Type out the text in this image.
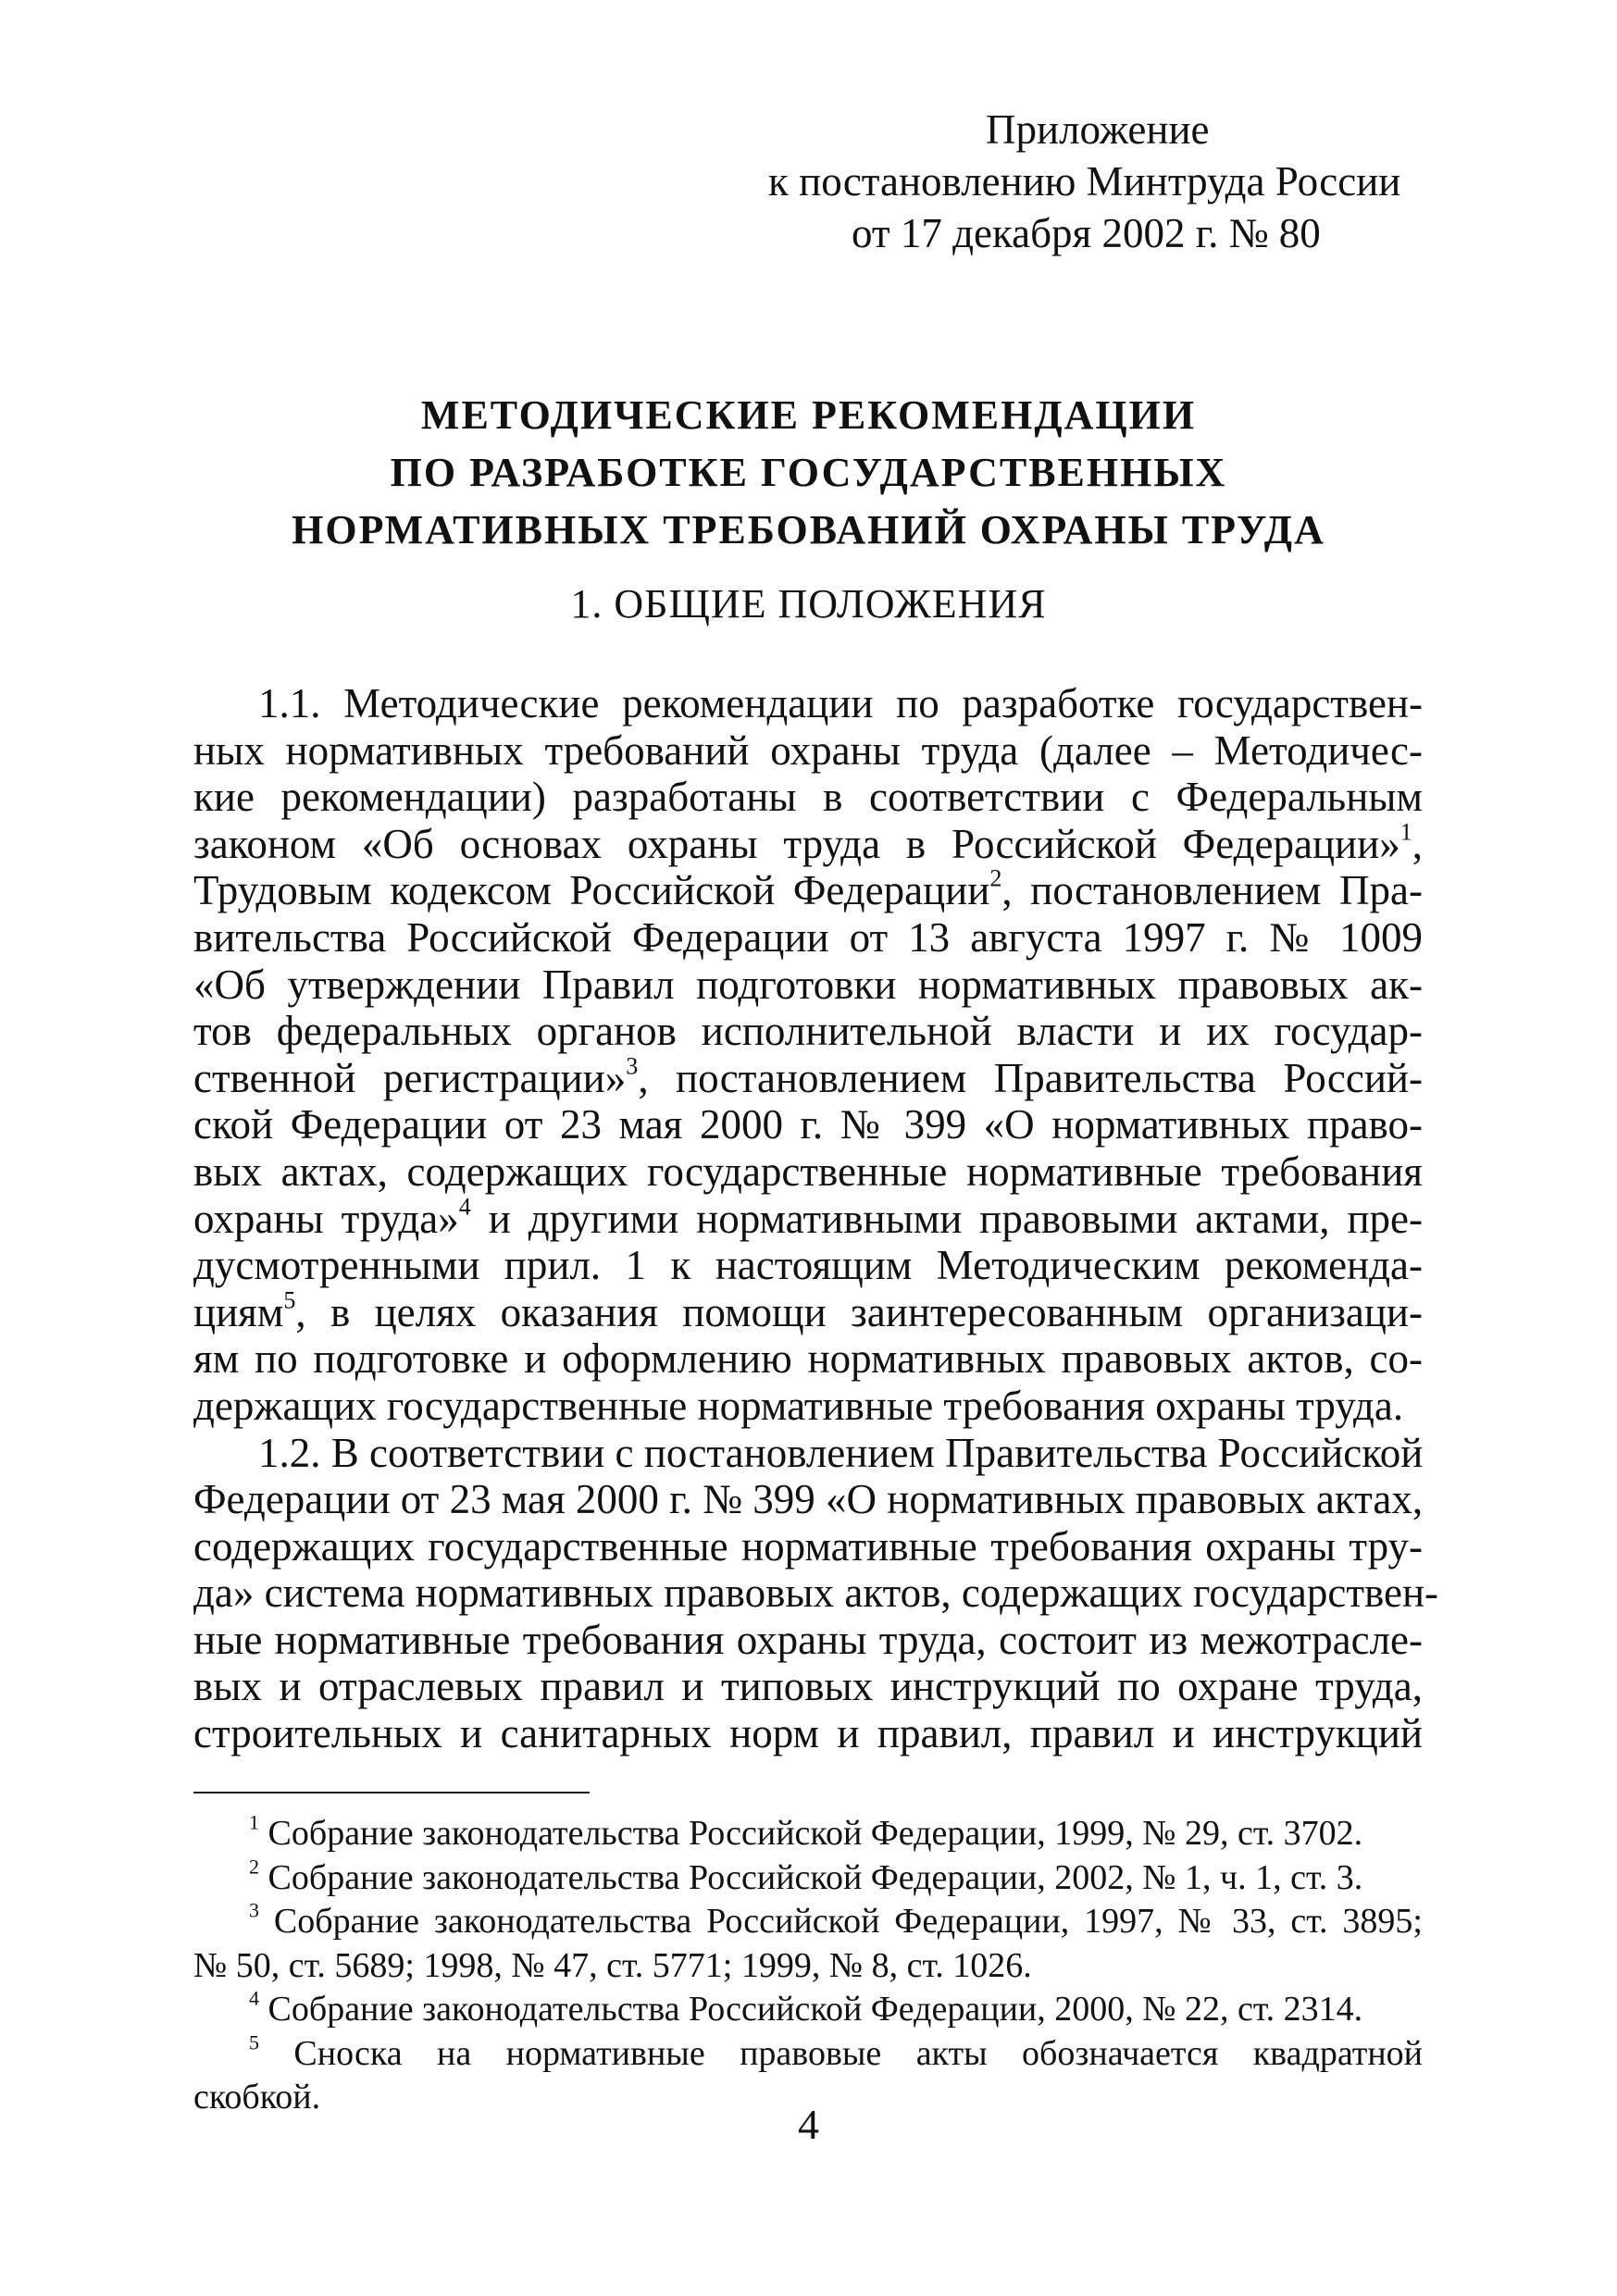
Приложение
к постановлению Минтруда России
от 17 декабря 2002 г. № 80
МЕТОДИЧЕСКИЕ РЕКОМЕНДАЦИИ
ПО РАЗРАБОТКЕ ГОСУДАРСТВЕННЫХ
НОРМАТИВНЫХ ТРЕБОВАНИЙ ОХРАНЫ ТРУДА
1. ОБЩИЕ ПОЛОЖЕНИЯ
1.1. Методические рекомендации по разработке государствен-
ных нормативных требований охраны труда (далее – Методичес-
кие рекомендации) разработаны в соответствии с Федеральным
законом «Об основах охраны труда в Российской Федерации»$^1$,
Трудовым кодексом Российской Федерации$^2$, постановлением Пра-
вительства Российской Федерации от 13 августа 1997 г. № 1009
«Об утверждении Правил подготовки нормативных правовых ак-
тов федеральных органов исполнительной власти и их государ-
ственной регистрации»$^3$, постановлением Правительства Россий-
ской Федерации от 23 мая 2000 г. № 399 «О нормативных право-
вых актах, содержащих государственные нормативные требования
охраны труда»$^4$ и другими нормативными правовыми актами, пре-
дусмотренными прил. 1 к настоящим Методическим рекоменда-
циям$^5$, в целях оказания помощи заинтересованным организаци-
ям по подготовке и оформлению нормативных правовых актов, со-
держащих государственные нормативные требования охраны труда.
1.2. В соответствии с постановлением Правительства Российской
Федерации от 23 мая 2000 г. № 399 «О нормативных правовых актах,
содержащих государственные нормативные требования охраны тру-
да» система нормативных правовых актов, содержащих государствен-
ные нормативные требования охраны труда, состоит из межотрасле-
вых и отраслевых правил и типовых инструкций по охране труда,
строительных и санитарных норм и правил, правил и инструкций
$^1$ Собрание законодательства Российской Федерации, 1999, № 29, ст. 3702.
$^2$ Собрание законодательства Российской Федерации, 2002, № 1, ч. 1, ст. 3.
$^3$ Собрание законодательства Российской Федерации, 1997, № 33, ст. 3895;
№ 50, ст. 5689; 1998, № 47, ст. 5771; 1999, № 8, ст. 1026.
$^4$ Собрание законодательства Российской Федерации, 2000, № 22, ст. 2314.
$^5$ Сноска на нормативные правовые акты обозначается квадратной
скобкой.
4
